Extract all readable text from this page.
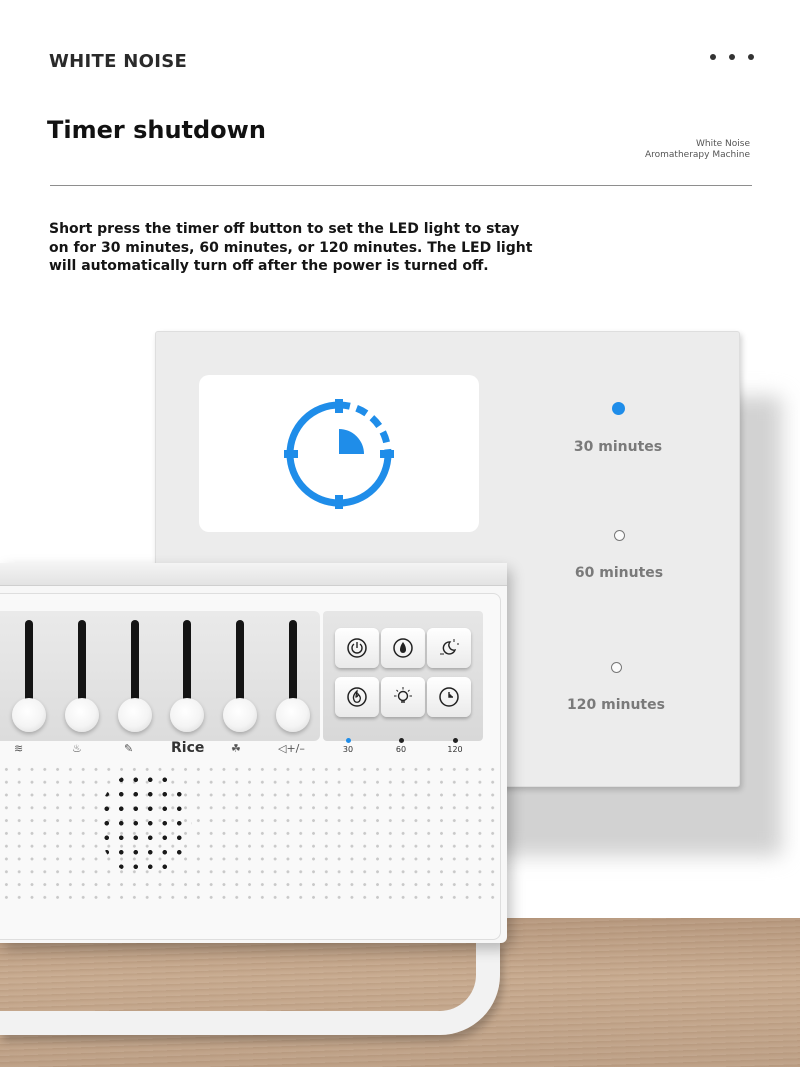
WHITE NOISE
Timer shutdown	White Noise
Aromatherapy Machine
Short press the timer off button to set the LED light to stay on for 30 minutes, 60 minutes, or 120 minutes. The LED light will automatically turn off after the power is turned off.
30 minutes
60 minutes
120 minutes
≋	♨	✎	Rice ☘	◁+/–	30	60	120
